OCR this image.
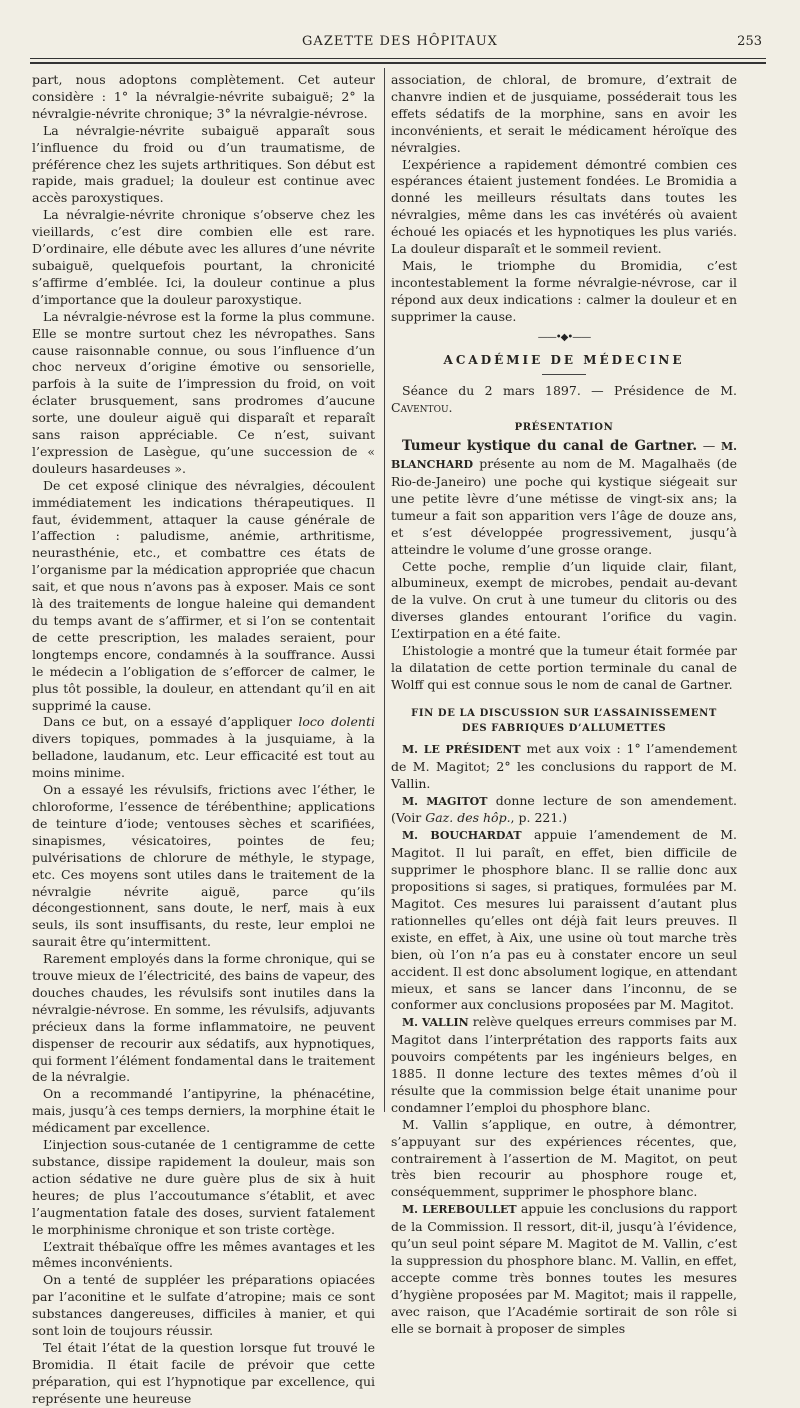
GAZETTE DES HÔPITAUX	253

part, nous adoptons complètement. Cet auteur considère : 1° la névralgie-névrite subaiguë; 2° la névralgie-névrite chronique; 3° la névralgie-névrose.

La névralgie-névrite subaiguë apparaît sous l’influence du froid ou d’un traumatisme, de préférence chez les sujets arthritiques. Son début est rapide, mais graduel; la douleur est continue avec accès paroxystiques.

La névralgie-névrite chronique s’observe chez les vieillards, c’est dire combien elle est rare. D’ordinaire, elle débute avec les allures d’une névrite subaiguë, quelquefois pourtant, la chronicité s’affirme d’emblée. Ici, la douleur continue a plus d’importance que la douleur paroxystique.

La névralgie-névrose est la forme la plus commune. Elle se montre surtout chez les névropathes. Sans cause raisonnable connue, ou sous l’influence d’un choc nerveux d’origine émotive ou sensorielle, parfois à la suite de l’impression du froid, on voit éclater brusquement, sans prodromes d’aucune sorte, une douleur aiguë qui disparaît et reparaît sans raison appréciable. Ce n’est, suivant l’expression de Lasègue, qu’une succession de « douleurs hasardeuses ».

De cet exposé clinique des névralgies, découlent immédiatement les indications thérapeutiques. Il faut, évidemment, attaquer la cause générale de l’affection : paludisme, anémie, arthritisme, neurasthénie, etc., et combattre ces états de l’organisme par la médication appropriée que chacun sait, et que nous n’avons pas à exposer. Mais ce sont là des traitements de longue haleine qui demandent du temps avant de s’affirmer, et si l’on se contentait de cette prescription, les malades seraient, pour longtemps encore, condamnés à la souffrance. Aussi le médecin a l’obligation de s’efforcer de calmer, le plus tôt possible, la douleur, en attendant qu’il en ait supprimé la cause.

Dans ce but, on a essayé d’appliquer loco dolenti divers topiques, pommades à la jusquiame, à la belladone, laudanum, etc. Leur efficacité est tout au moins minime.

On a essayé les révulsifs, frictions avec l’éther, le chloroforme, l’essence de térébenthine; applications de teinture d’iode; ventouses sèches et scarifiées, sinapismes, vésicatoires, pointes de feu; pulvérisations de chlorure de méthyle, le stypage, etc. Ces moyens sont utiles dans le traitement de la névralgie névrite aiguë, parce qu’ils décongestionnent, sans doute, le nerf, mais à eux seuls, ils sont insuffisants, du reste, leur emploi ne saurait être qu’intermittent.

Rarement employés dans la forme chronique, qui se trouve mieux de l’électricité, des bains de vapeur, des douches chaudes, les révulsifs sont inutiles dans la névralgie-névrose. En somme, les révulsifs, adjuvants précieux dans la forme inflammatoire, ne peuvent dispenser de recourir aux sédatifs, aux hypnotiques, qui forment l’élément fondamental dans le traitement de la névralgie.

On a recommandé l’antipyrine, la phénacétine, mais, jusqu’à ces temps derniers, la morphine était le médicament par excellence.

L’injection sous-cutanée de 1 centigramme de cette substance, dissipe rapidement la douleur, mais son action sédative ne dure guère plus de six à huit heures; de plus l’accoutumance s’établit, et avec l’augmentation fatale des doses, survient fatalement le morphinisme chronique et son triste cortège.

L’extrait thébaïque offre les mêmes avantages et les mêmes inconvénients.

On a tenté de suppléer les préparations opiacées par l’aconitine et le sulfate d’atropine; mais ce sont substances dangereuses, difficiles à manier, et qui sont loin de toujours réussir.

Tel était l’état de la question lorsque fut trouvé le Bromidia. Il était facile de prévoir que cette préparation, qui est l’hypnotique par excellence, qui représente une heureuse

association, de chloral, de bromure, d’extrait de chanvre indien et de jusquiame, posséderait tous les effets sédatifs de la morphine, sans en avoir les inconvénients, et serait le médicament héroïque des névralgies.

L’expérience a rapidement démontré combien ces espérances étaient justement fondées. Le Bromidia a donné les meilleurs résultats dans toutes les névralgies, même dans les cas invétérés où avaient échoué les opiacés et les hypnotiques les plus variés. La douleur disparaît et le sommeil revient.

Mais, le triomphe du Bromidia, c’est incontestablement la forme névralgie-névrose, car il répond aux deux indications : calmer la douleur et en supprimer la cause.

——•◆•——
ACADÉMIE DE MÉDECINE

Séance du 2 mars 1897. — Présidence de M. Caventou.

PRÉSENTATION

Tumeur kystique du canal de Gartner. — M. BLANCHARD présente au nom de M. Magalhaës (de Rio-de-Janeiro) une poche qui kystique siégeait sur une petite lèvre d’une métisse de vingt-six ans; la tumeur a fait son apparition vers l’âge de douze ans, et s’est développée progressivement, jusqu’à atteindre le volume d’une grosse orange.

Cette poche, remplie d’un liquide clair, filant, albumineux, exempt de microbes, pendait au-devant de la vulve. On crut à une tumeur du clitoris ou des diverses glandes entourant l’orifice du vagin. L’extirpation en a été faite.

L’histologie a montré que la tumeur était formée par la dilatation de cette portion terminale du canal de Wolff qui est connue sous le nom de canal de Gartner.

FIN DE LA DISCUSSION SUR L’ASSAINISSEMENT
DES FABRIQUES D’ALLUMETTES

M. LE PRÉSIDENT met aux voix : 1° l’amendement de M. Magitot; 2° les conclusions du rapport de M. Vallin.

M. MAGITOT donne lecture de son amendement. (Voir Gaz. des hôp., p. 221.)

M. BOUCHARDAT appuie l’amendement de M. Magitot. Il lui paraît, en effet, bien difficile de supprimer le phosphore blanc. Il se rallie donc aux propositions si sages, si pratiques, formulées par M. Magitot. Ces mesures lui paraissent d’autant plus rationnelles qu’elles ont déjà fait leurs preuves. Il existe, en effet, à Aix, une usine où tout marche très bien, où l’on n’a pas eu à constater encore un seul accident. Il est donc absolument logique, en attendant mieux, et sans se lancer dans l’inconnu, de se conformer aux conclusions proposées par M. Magitot.

M. VALLIN relève quelques erreurs commises par M. Magitot dans l’interprétation des rapports faits aux pouvoirs compétents par les ingénieurs belges, en 1885. Il donne lecture des textes mêmes d’où il résulte que la commission belge était unanime pour condamner l’emploi du phosphore blanc.

M. Vallin s’applique, en outre, à démontrer, s’appuyant sur des expériences récentes, que, contrairement à l’assertion de M. Magitot, on peut très bien recourir au phosphore rouge et, conséquemment, supprimer le phosphore blanc.

M. LEREBOULLET appuie les conclusions du rapport de la Commission. Il ressort, dit-il, jusqu’à l’évidence, qu’un seul point sépare M. Magitot de M. Vallin, c’est la suppression du phosphore blanc. M. Vallin, en effet, accepte comme très bonnes toutes les mesures d’hygiène proposées par M. Magitot; mais il rappelle, avec raison, que l’Académie sortirait de son rôle si elle se bornait à proposer de simples
